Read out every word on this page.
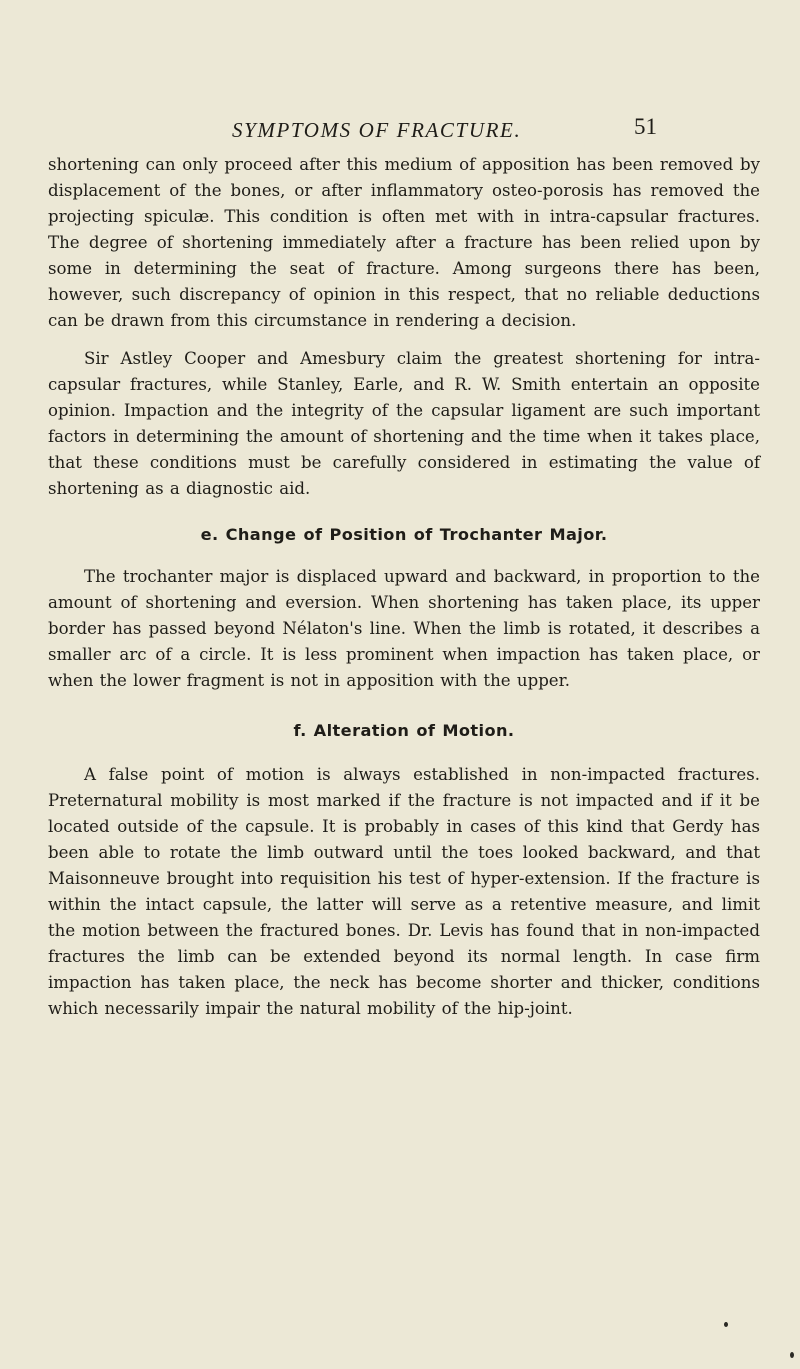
SYMPTOMS OF FRACTURE.	51

shortening can only proceed after this medium of apposition has been removed by displacement of the bones, or after inflammatory osteo-porosis has removed the projecting spiculæ. This condition is often met with in intra-capsular fractures. The degree of shortening immediately after a fracture has been relied upon by some in determining the seat of fracture. Among surgeons there has been, however, such discrepancy of opinion in this respect, that no reliable deductions can be drawn from this circumstance in rendering a decision.

Sir Astley Cooper and Amesbury claim the greatest shortening for intra-capsular fractures, while Stanley, Earle, and R. W. Smith entertain an opposite opinion. Impaction and the integrity of the capsular ligament are such important factors in determining the amount of shortening and the time when it takes place, that these conditions must be carefully considered in estimating the value of shortening as a diagnostic aid.

e. Change of Position of Trochanter Major.

The trochanter major is displaced upward and backward, in proportion to the amount of shortening and eversion. When shortening has taken place, its upper border has passed beyond Nélaton's line. When the limb is rotated, it describes a smaller arc of a circle. It is less prominent when impaction has taken place, or when the lower fragment is not in apposition with the upper.

f. Alteration of Motion.

A false point of motion is always established in non-impacted fractures. Preternatural mobility is most marked if the fracture is not impacted and if it be located outside of the capsule. It is probably in cases of this kind that Gerdy has been able to rotate the limb outward until the toes looked backward, and that Maisonneuve brought into requisition his test of hyper-extension. If the fracture is within the intact capsule, the latter will serve as a retentive measure, and limit the motion between the fractured bones. Dr. Levis has found that in non-impacted fractures the limb can be extended beyond its normal length. In case firm impaction has taken place, the neck has become shorter and thicker, conditions which necessarily impair the natural mobility of the hip-joint.
